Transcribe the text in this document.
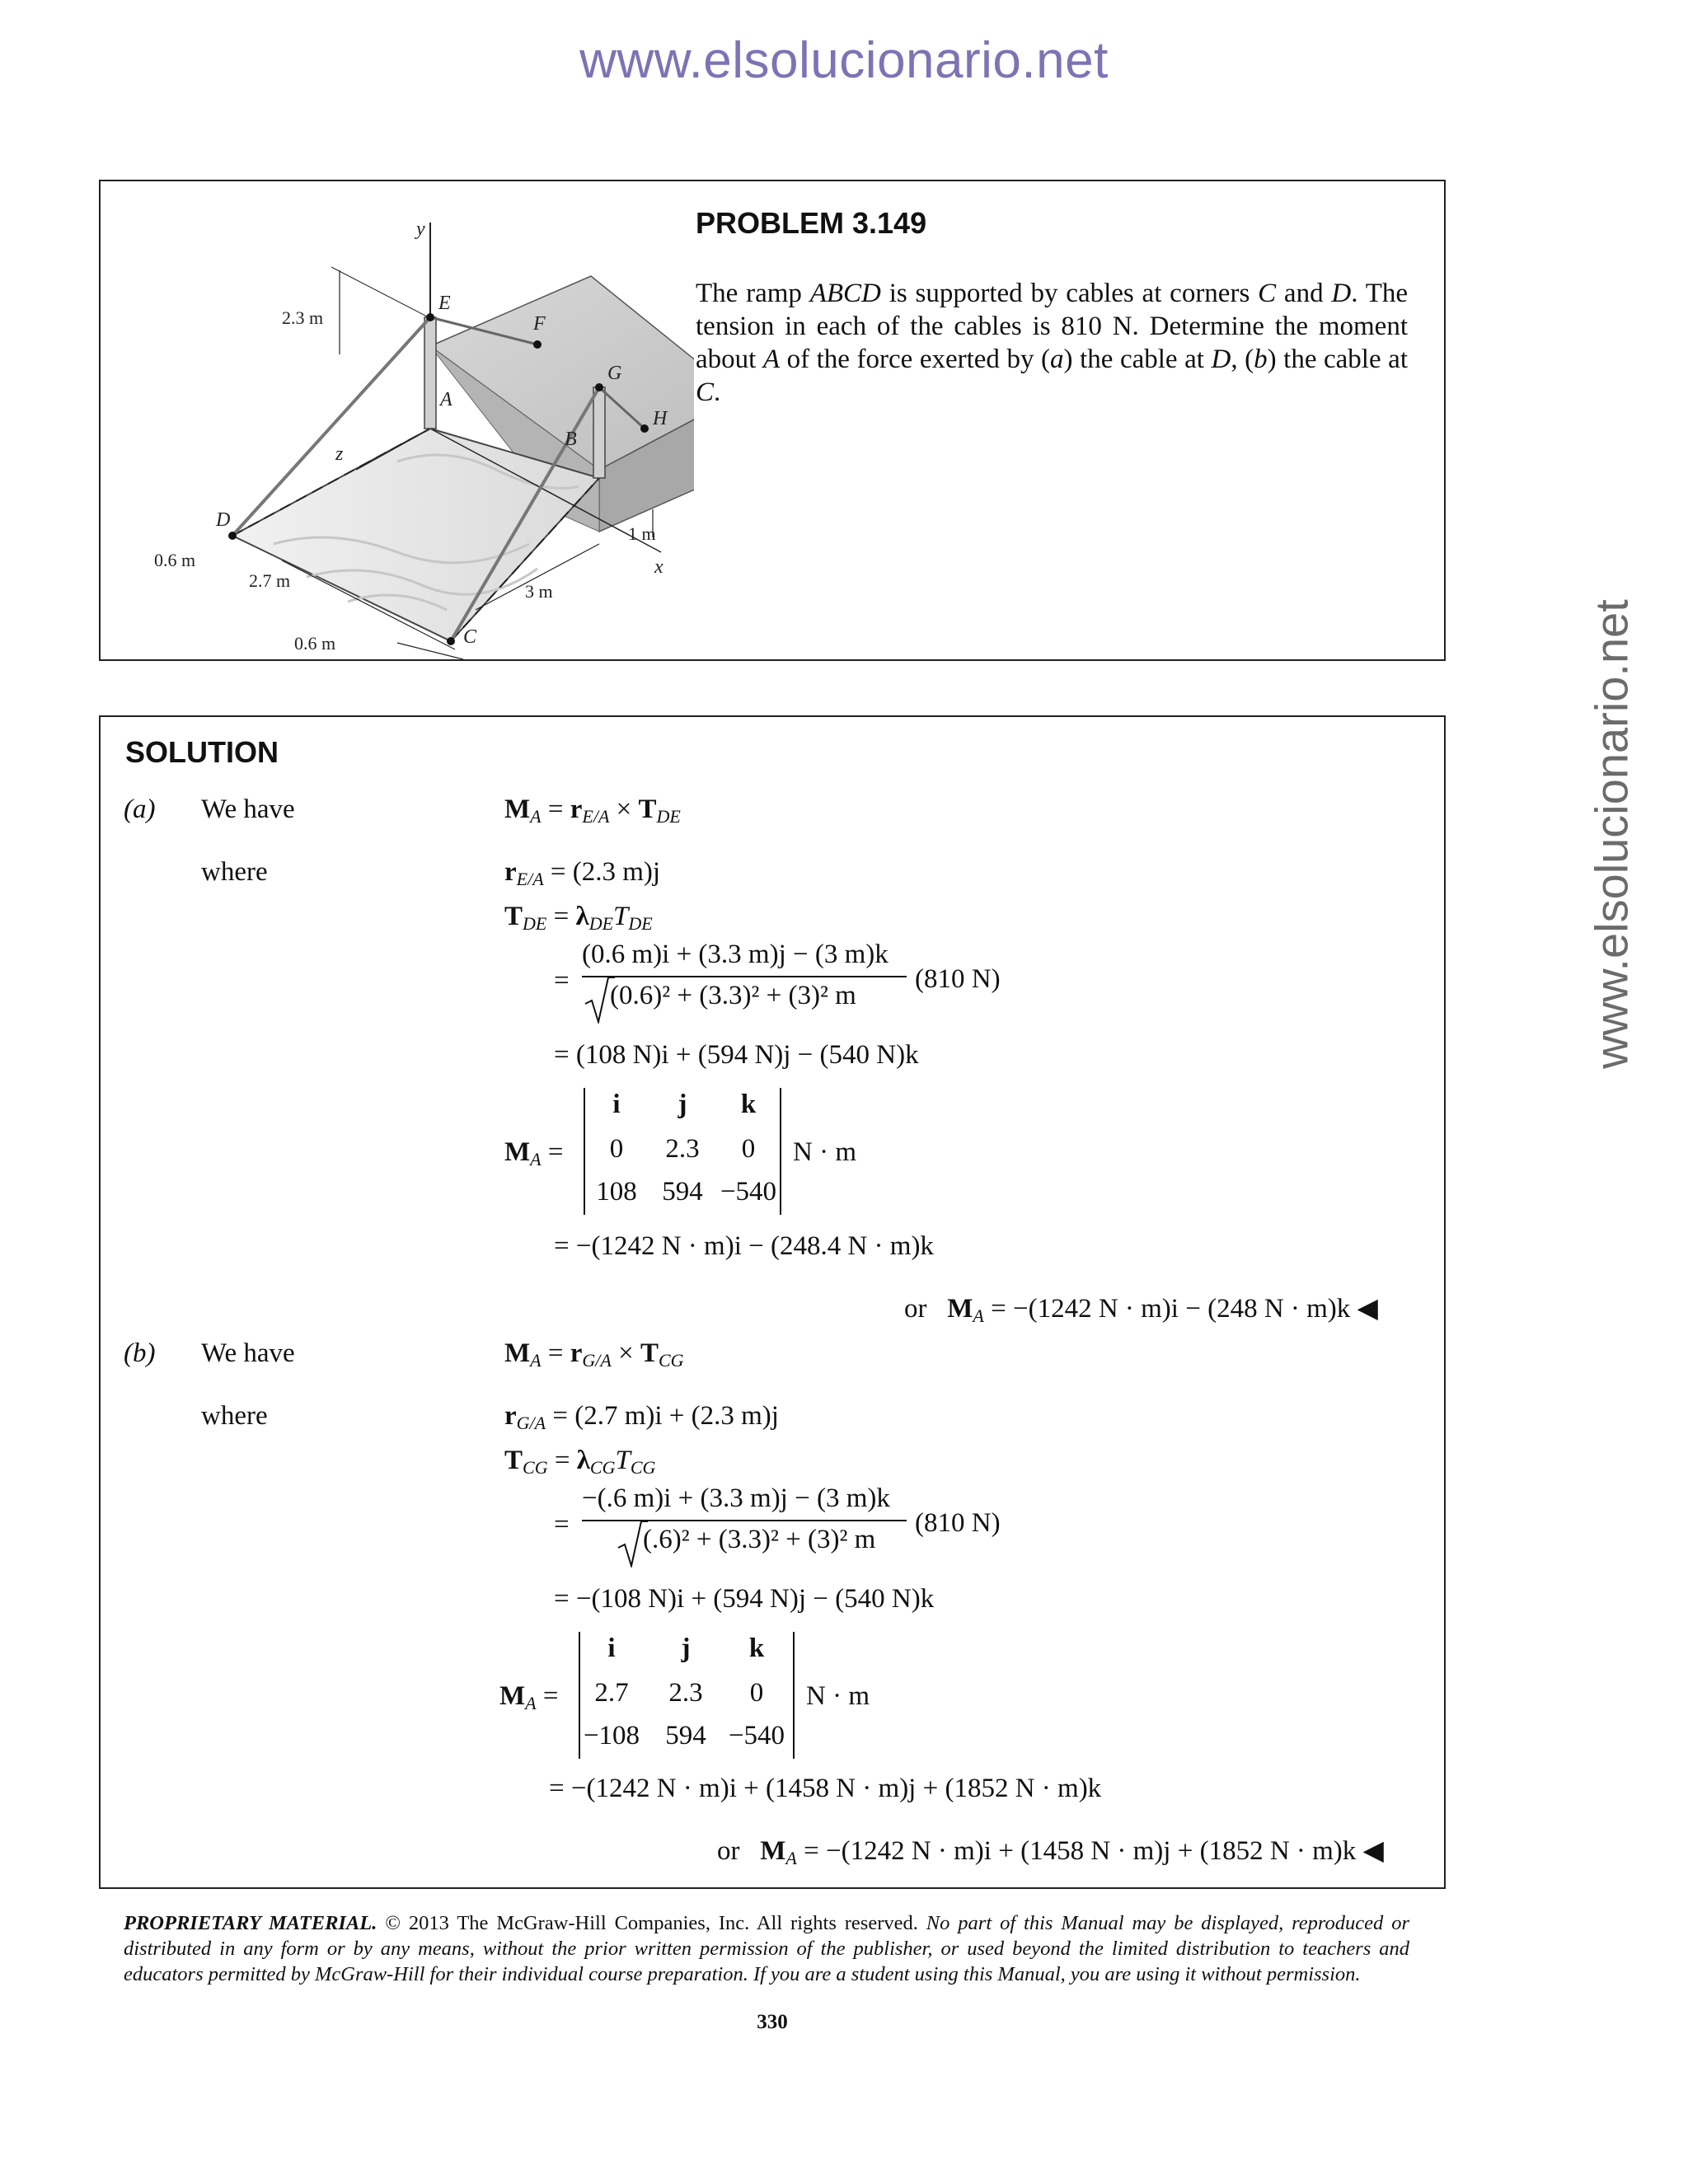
www.elsolucionario.net
www.elsolucionario.net
y
x
z
A
B
C
D
E
F
G
H
2.3 m
1 m
0.6 m
2.7 m
3 m
0.6 m
PROBLEM 3.149
The ramp ABCD is supported by cables at corners C and D. The tension in each of the cables is 810 N. Determine the moment about A of the force exerted by (a) the cable at D, (b) the cable at C.
SOLUTION
(a) We have	$M_A = r_{E/A} \times T_{DE}$
where	$r_{E/A} = (2.3$ m)j
$T_{DE} = \lambda_{DE}T_{DE}$
=
(0.6 m)i + (3.3 m)j − (3 m)k
(0.6)² + (3.3)² + (3)² m
(810 N)
= (108 N)i + (594 N)j − (540 N)k
$M_A$ =
i	j	k
0	2.3	0
108 594 −540
N · m
= −(1242 N · m)i − (248.4 N · m)k
or $M_A = -(1242$ N · m)i − (248 N · m)k ◀
(b) We have	$M_A = r_{G/A} \times T_{CG}$
where	$r_{G/A} = (2.7$ m)i + (2.3 m)j
$T_{CG} = \lambda_{CG}T_{CG}$
=
−(.6 m)i + (3.3 m)j − (3 m)k
(.6)² + (3.3)² + (3)² m
(810 N)
= −(108 N)i + (594 N)j − (540 N)k
$M_A$ =
i	j	k
2.7	2.3	0
−108 594 −540
N · m
= −(1242 N · m)i + (1458 N · m)j + (1852 N · m)k
or $M_A = -(1242$ N · m)i + (1458 N · m)j + (1852 N · m)k ◀
PROPRIETARY MATERIAL. © 2013 The McGraw-Hill Companies, Inc. All rights reserved. No part of this Manual may be displayed, reproduced or distributed in any form or by any means, without the prior written permission of the publisher, or used beyond the limited distribution to teachers and educators permitted by McGraw-Hill for their individual course preparation. If you are a student using this Manual, you are using it without permission.
330
